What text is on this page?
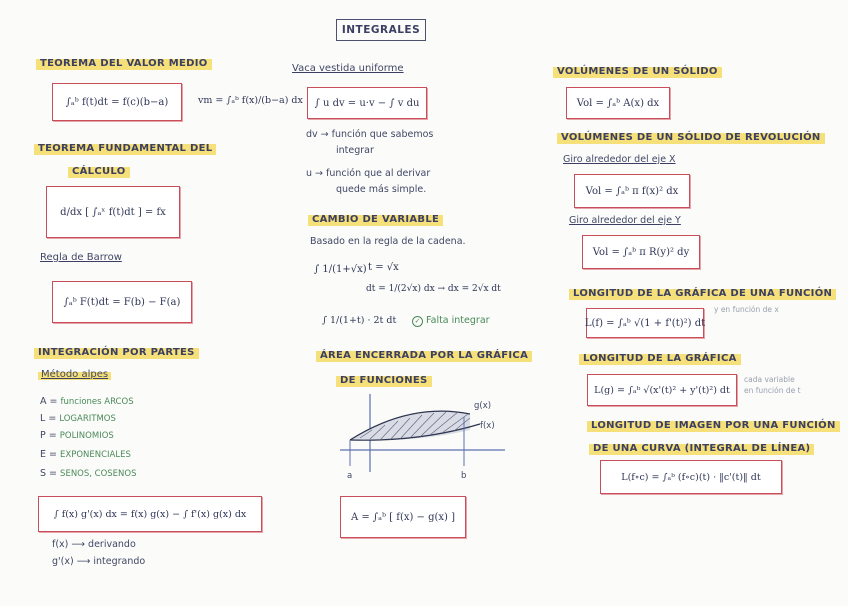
INTEGRALES
TEOREMA DEL VALOR MEDIO
∫ₐᵇ f(t)dt = f(c)(b−a)	vm = ∫ₐᵇ f(x)/(b−a) dx
TEOREMA FUNDAMENTAL DEL
CÁLCULO
d/dx [ ∫ₐˣ f(t)dt ] = fx
Regla de Barrow
∫ₐᵇ F(t)dt = F(b) − F(a)
INTEGRACIÓN POR PARTES
Método alpes
A = funciones ARCOS
L = LOGARITMOS
P = POLINOMIOS
E = EXPONENCIALES
S = SENOS, COSENOS
∫ f(x) g'(x) dx = f(x) g(x) − ∫ f'(x) g(x) dx
f(x) ⟶ derivando
g'(x) ⟶ integrando
Vaca vestida uniforme
∫ u dv = u·v − ∫ v du
dv → función que sabemos
integrar
u → función que al derivar
quede más simple.
CAMBIO DE VARIABLE
Basado en la regla de la cadena.
∫ 1/(1+√x) t = √x
dt = 1/(2√x) dx → dx = 2√x dt
∫ 1/(1+t) · 2t dt	✓ Falta integrar
ÁREA ENCERRADA POR LA GRÁFICA
DE FUNCIONES
g(x)
f(x)
a	b
A = ∫ₐᵇ [ f(x) − g(x) ]
VOLÚMENES DE UN SÓLIDO
Vol = ∫ₐᵇ A(x) dx
VOLÚMENES DE UN SÓLIDO DE REVOLUCIÓN
Giro alrededor del eje X
Vol = ∫ₐᵇ π f(x)² dx
Giro alrededor del eje Y
Vol = ∫ₐᵇ π R(y)² dy
LONGITUD DE LA GRÁFICA DE UNA FUNCIÓN
L(f) = ∫ₐᵇ √(1 + f'(t)²) dt
y en función de x
LONGITUD DE LA GRÁFICA
L(g) = ∫ₐᵇ √(x'(t)² + y'(t)²) dt
cada variable
en función de t
LONGITUD DE IMAGEN POR UNA FUNCIÓN
DE UNA CURVA (INTEGRAL DE LÍNEA)
L(f∘c) = ∫ₐᵇ (f∘c)(t) · ‖c'(t)‖ dt
